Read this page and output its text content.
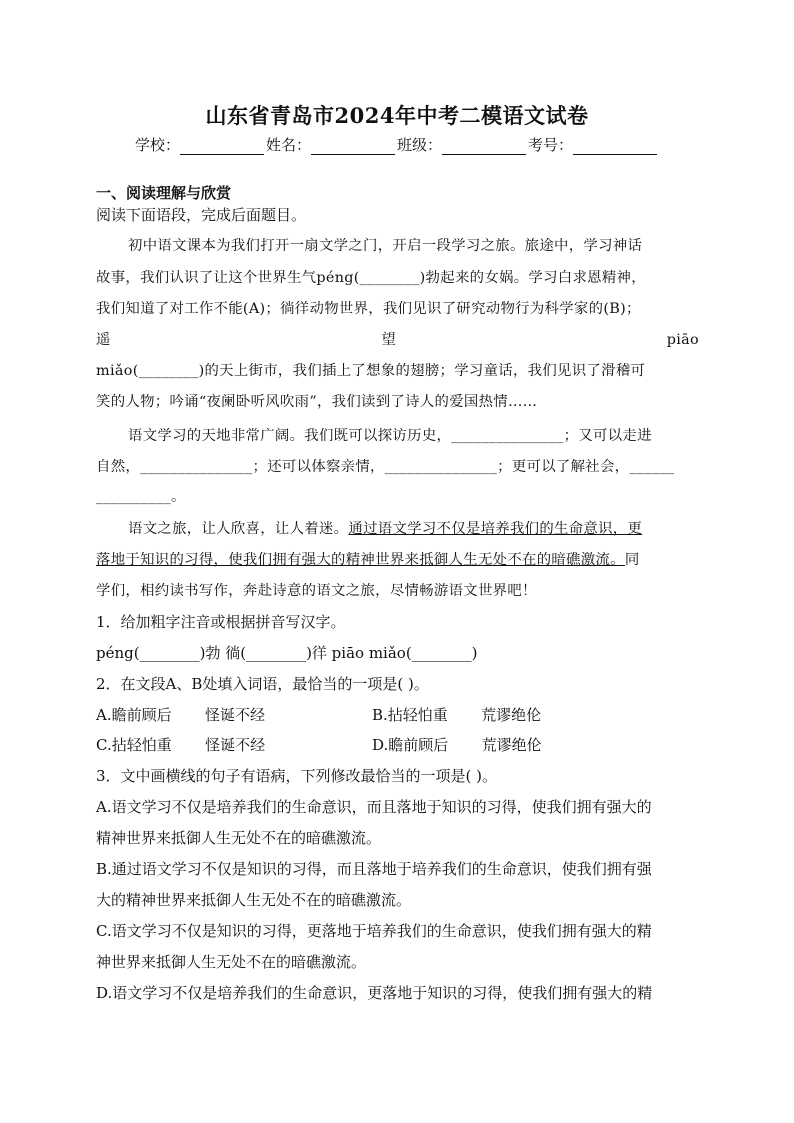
山东省青岛市2024年中考二模语文试卷
学校：	姓名：	班级：	考号：
一、阅读理解与欣赏
阅读下面语段，完成后面题目。
初中语文课本为我们打开一扇文学之门，开启一段学习之旅。旅途中，学习神话
故事，我们认识了让这个世界生气péng(________)勃起来的女娲。学习白求恩精神，
我们知道了对工作不能(A)；徜徉动物世界，我们见识了研究动物行为科学家的(B)；
遥	望	piāo
miǎo(________)的天上街市，我们插上了想象的翅膀；学习童话，我们见识了滑稽可
笑的人物；吟诵“夜阑卧听风吹雨”，我们读到了诗人的爱国热情……
语文学习的天地非常广阔。我们既可以探访历史，_______________；又可以走进
自然，_______________；还可以体察亲情，_______________；更可以了解社会，______
__________。
语文之旅，让人欣喜，让人着迷。通过语文学习不仅是培养我们的生命意识，更
落地于知识的习得，使我们拥有强大的精神世界来抵御人生无处不在的暗礁激流。同
学们，相约读书写作，奔赴诗意的语文之旅，尽情畅游语文世界吧！
1．给加粗字注音或根据拼音写汉字。
péng(________)勃 徜(________)徉 piāo miǎo(________)
2．在文段A、B处填入词语，最恰当的一项是( )。
A.瞻前顾后       怪诞不经	B.拈轻怕重       荒谬绝伦
C.拈轻怕重       怪诞不经	D.瞻前顾后       荒谬绝伦
3．文中画横线的句子有语病，下列修改最恰当的一项是( )。
A.语文学习不仅是培养我们的生命意识，而且落地于知识的习得，使我们拥有强大的
精神世界来抵御人生无处不在的暗礁激流。
B.通过语文学习不仅是知识的习得，而且落地于培养我们的生命意识，使我们拥有强
大的精神世界来抵御人生无处不在的暗礁激流。
C.语文学习不仅是知识的习得，更落地于培养我们的生命意识，使我们拥有强大的精
神世界来抵御人生无处不在的暗礁激流。
D.语文学习不仅是培养我们的生命意识，更落地于知识的习得，使我们拥有强大的精
